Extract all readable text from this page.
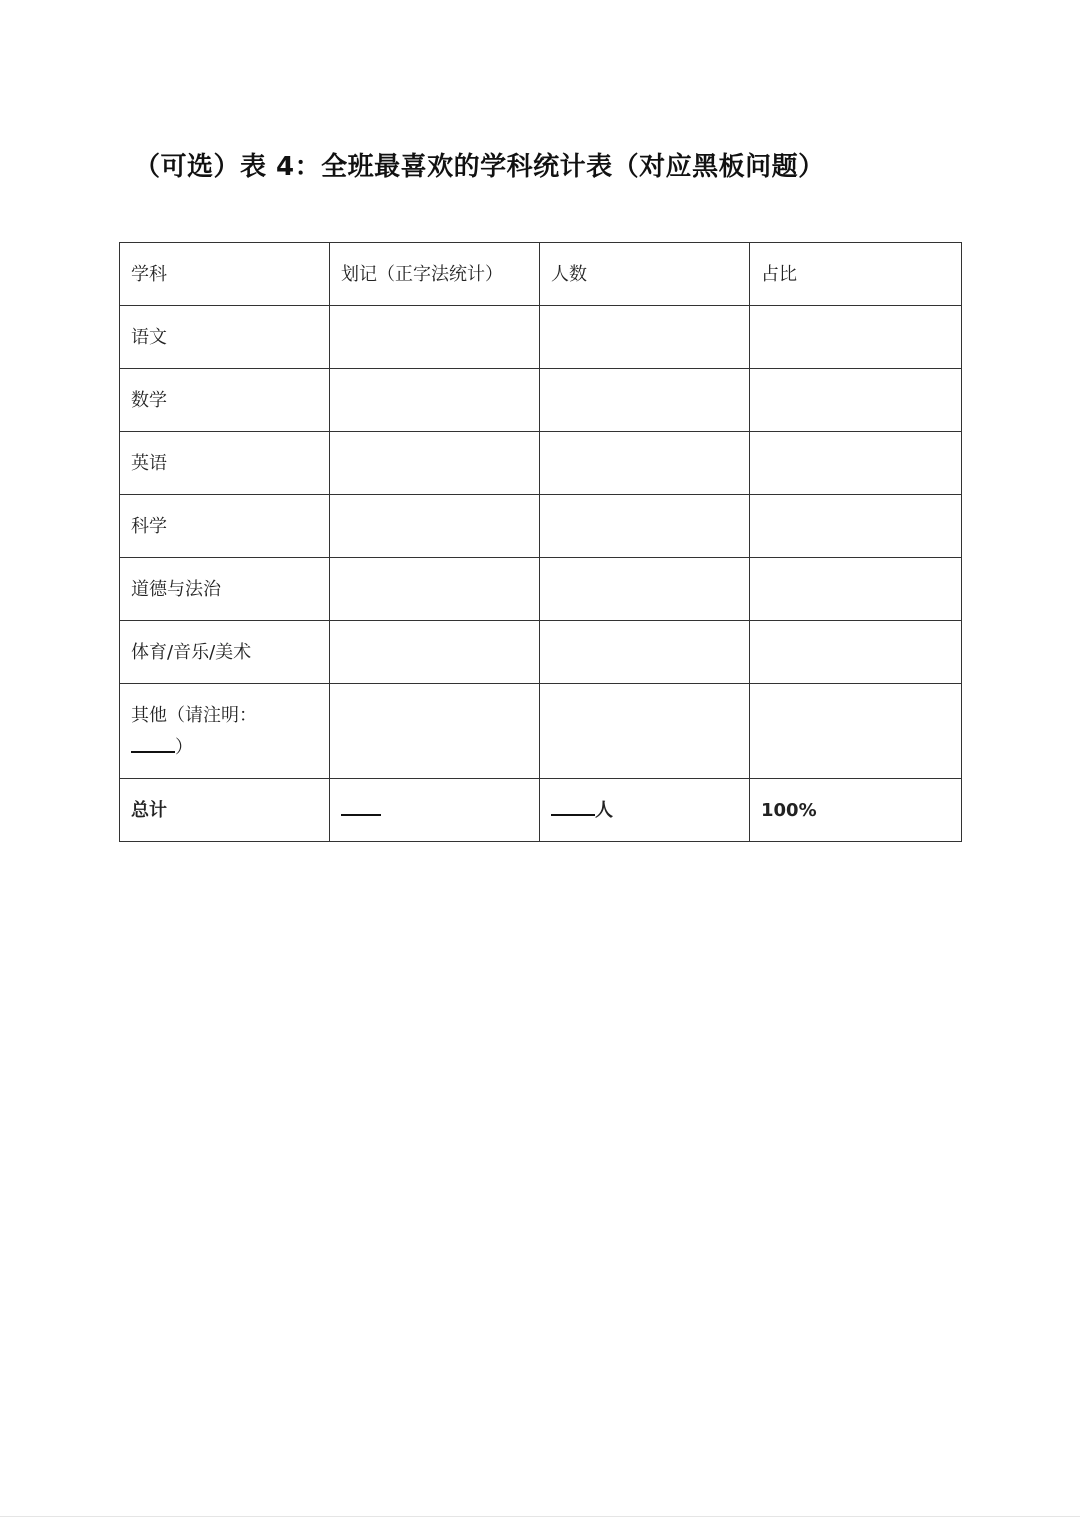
（可选）表 4：全班最喜欢的学科统计表（对应黑板问题）
学科	划记（正字法统计）	人数	占比
语文			
数学			
英语			
科学			
道德与法治			
体育/音乐/美术			

其他（请注明：
）			

总计		人	100%
